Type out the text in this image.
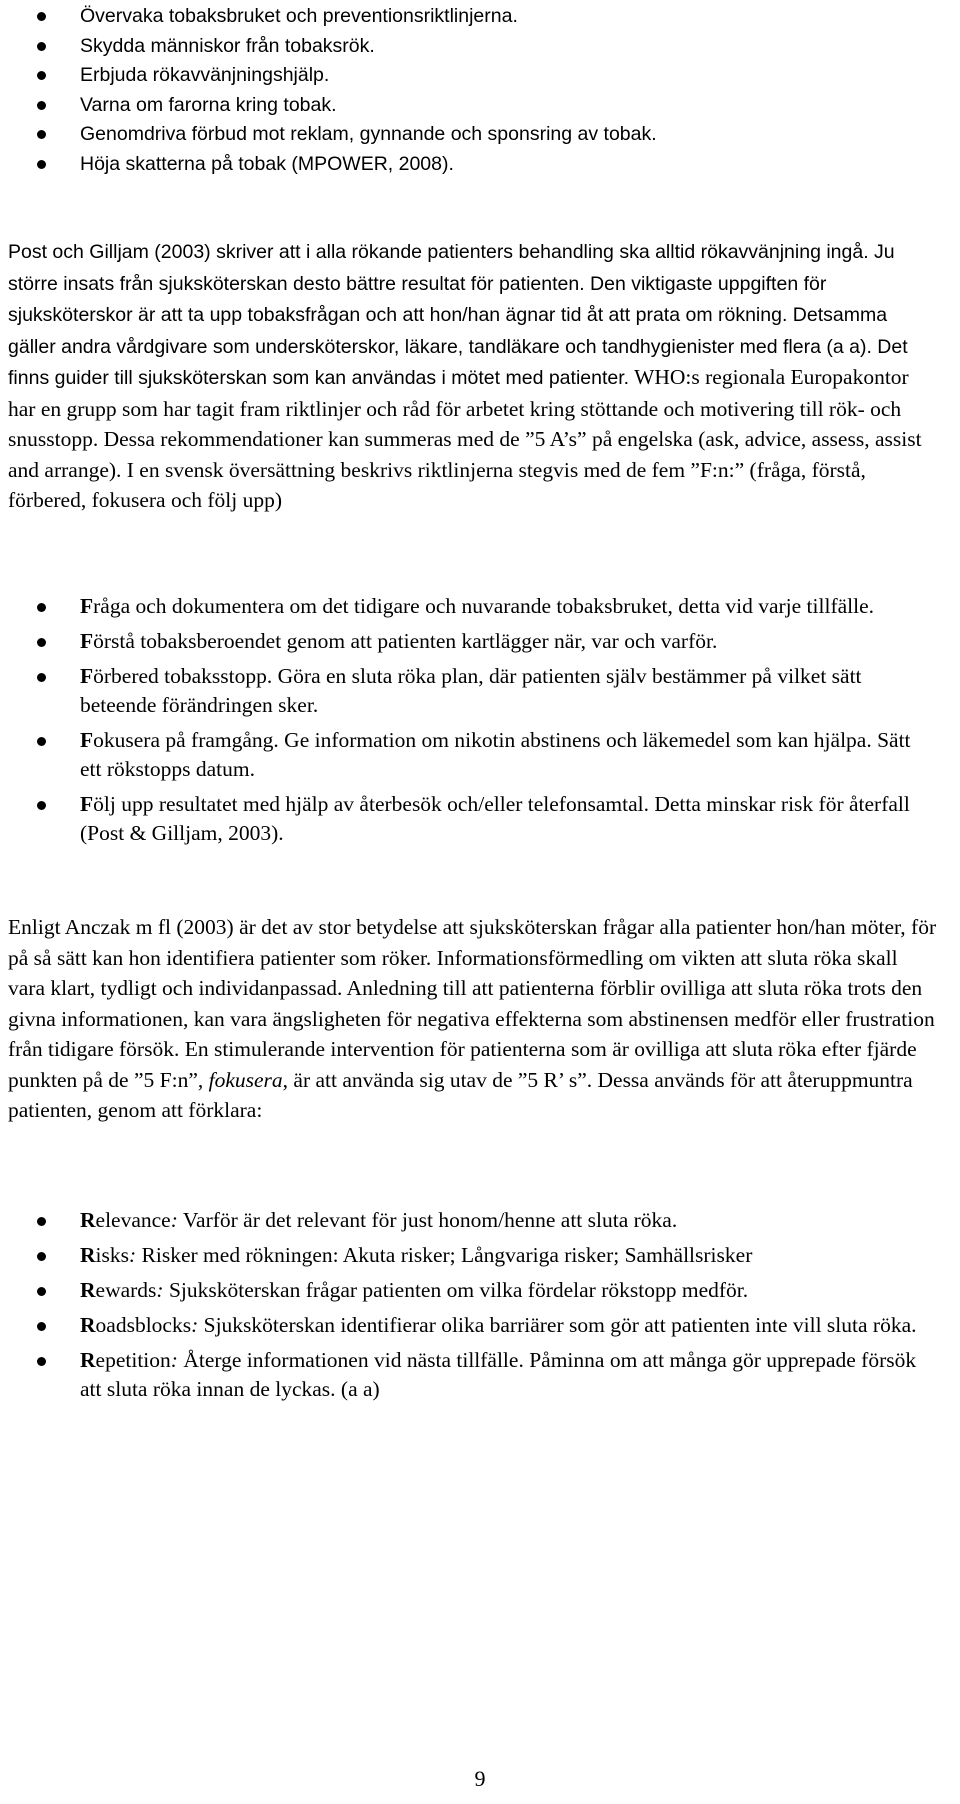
Övervaka tobaksbruket och preventionsriktlinjerna.
Skydda människor från tobaksrök.
Erbjuda rökavvänjningshjälp.
Varna om farorna kring tobak.
Genomdriva förbud mot reklam, gynnande och sponsring av tobak.
Höja skatterna på tobak (MPOWER, 2008).

Post och Gilljam (2003) skriver att i alla rökande patienters behandling ska alltid rökavvänjning ingå. Ju större insats från sjuksköterskan desto bättre resultat för patienten. Den viktigaste uppgiften för sjuksköterskor är att ta upp tobaksfrågan och att hon/han ägnar tid åt att prata om rökning. Detsamma gäller andra vårdgivare som undersköterskor, läkare, tandläkare och tandhygienister med flera (a a). Det finns guider till sjuksköterskan som kan användas i mötet med patienter. WHO:s regionala Europakontor har en grupp som har tagit fram riktlinjer och råd för arbetet kring stöttande och motivering till rök- och snusstopp. Dessa rekommendationer kan summeras med de ”5 A’s” på engelska (ask, advice, assess, assist and arrange). I en svensk översättning beskrivs riktlinjerna stegvis med de fem ”F:n:” (fråga, förstå, förbered, fokusera och följ upp)

Fråga och dokumentera om det tidigare och nuvarande tobaksbruket, detta vid varje tillfälle.
Förstå tobaksberoendet genom att patienten kartlägger när, var och varför.
Förbered tobaksstopp. Göra en sluta röka plan, där patienten själv bestämmer på vilket sätt beteende förändringen sker.
Fokusera på framgång. Ge information om nikotin abstinens och läkemedel som kan hjälpa. Sätt ett rökstopps datum.
Följ upp resultatet med hjälp av återbesök och/eller telefonsamtal. Detta minskar risk för återfall (Post & Gilljam, 2003).

Enligt Anczak m fl (2003) är det av stor betydelse att sjuksköterskan frågar alla patienter hon/han möter, för på så sätt kan hon identifiera patienter som röker. Informationsförmedling om vikten att sluta röka skall vara klart, tydligt och individanpassad. Anledning till att patienterna förblir ovilliga att sluta röka trots den givna informationen, kan vara ängsligheten för negativa effekterna som abstinensen medför eller frustration från tidigare försök. En stimulerande intervention för patienterna som är ovilliga att sluta röka efter fjärde punkten på de ”5 F:n”, fokusera, är att använda sig utav de ”5 R’ s”. Dessa används för att återuppmuntra patienten, genom att förklara:

Relevance: Varför är det relevant för just honom/henne att sluta röka.
Risks: Risker med rökningen: Akuta risker; Långvariga risker; Samhällsrisker
Rewards: Sjuksköterskan frågar patienten om vilka fördelar rökstopp medför.
Roadsblocks: Sjuksköterskan identifierar olika barriärer som gör att patienten inte vill sluta röka.
Repetition: Återge informationen vid nästa tillfälle. Påminna om att många gör upprepade försök att sluta röka innan de lyckas. (a a)
9
